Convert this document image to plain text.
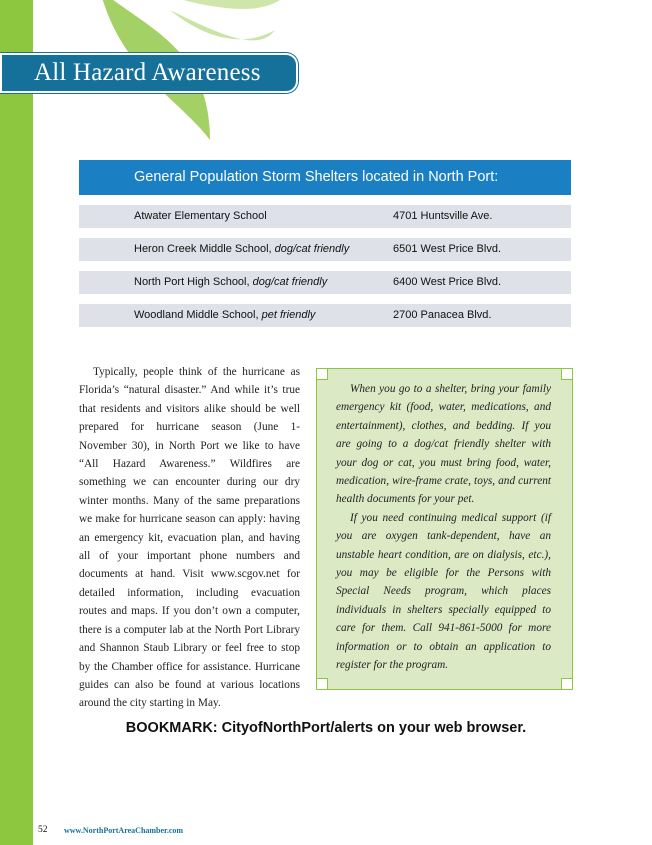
All Hazard Awareness
General Population Storm Shelters located in North Port:
Atwater Elementary School	4701 Huntsville Ave.
Heron Creek Middle School, dog/cat friendly	6501 West Price Blvd.
North Port High School, dog/cat friendly	6400 West Price Blvd.
Woodland Middle School, pet friendly	2700 Panacea Blvd.
Typically, people think of the hurricane as Florida’s “natural disaster.” And while it’s true that residents and visitors alike should be well prepared for hurricane season (June 1-November 30), in North Port we like to have “All Hazard Awareness.” Wildfires are something we can encounter during our dry winter months. Many of the same preparations we make for hurricane season can apply: having an emergency kit, evacuation plan, and having all of your important phone numbers and documents at hand. Visit www.scgov.net for detailed information, including evacuation routes and maps. If you don’t own a computer, there is a computer lab at the North Port Library and Shannon Staub Library or feel free to stop by the Chamber office for assistance. Hurricane guides can also be found at various locations around the city starting in May.

When you go to a shelter, bring your family emergency kit (food, water, medications, and entertainment), clothes, and bedding. If you are going to a dog/cat friendly shelter with your dog or cat, you must bring food, water, medication, wire-frame crate, toys, and current health documents for your pet.

If you need continuing medical support (if you are oxygen tank-dependent, have an unstable heart condition, are on dialysis, etc.), you may be eligible for the Persons with Special Needs program, which places individuals in shelters specially equipped to care for them. Call 941-861-5000 for more information or to obtain an application to register for the program.

BOOKMARK: CityofNorthPort/alerts on your web browser.
52 www.NorthPortAreaChamber.com
